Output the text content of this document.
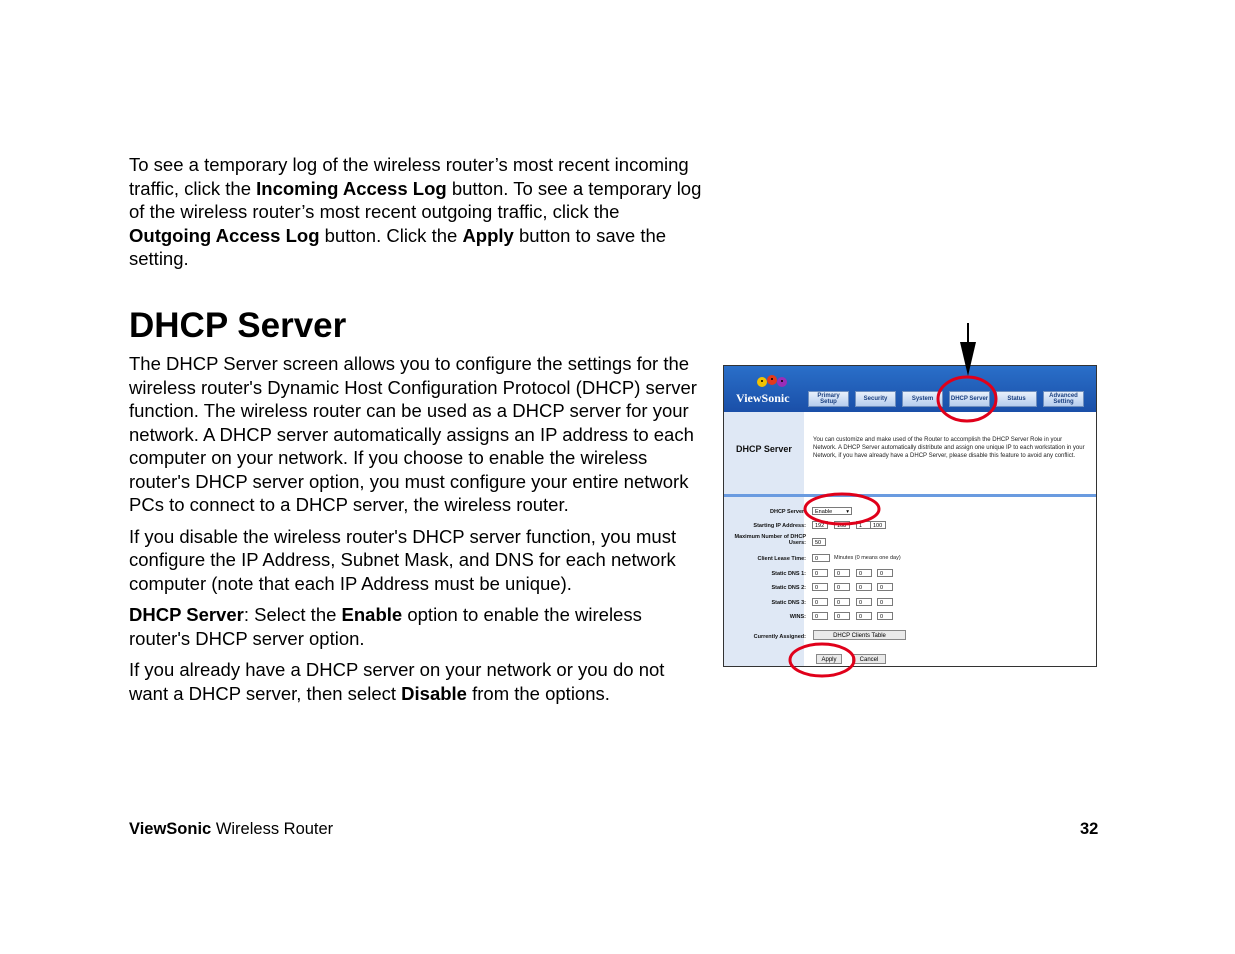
To see a temporary log of the wireless router’s most recent incoming traffic, click the Incoming Access Log button. To see a temporary log of the wireless router’s most recent outgoing traffic, click the Outgoing Access Log button. Click the Apply button to save the setting.

DHCP Server

The DHCP Server screen allows you to configure the settings for the wireless router's Dynamic Host Configuration Protocol (DHCP) server function. The wireless router can be used as a DHCP server for your network. A DHCP server automatically assigns an IP address to each computer on your network. If you choose to enable the wireless router's DHCP server option, you must configure your entire network PCs to connect to a DHCP server, the wireless router.

If you disable the wireless router's DHCP server function, you must configure the IP Address, Subnet Mask, and DNS for each network computer (note that each IP Address must be unique).

DHCP Server: Select the Enable option to enable the wireless router's DHCP server option.

If you already have a DHCP server on your network or you do not want a DHCP server, then select Disable from the options.

ViewSonic	Primary Setup	Security	System	DHCP Server	Status	Advanced Setting
DHCP Server
You can customize and make used of the Router to accomplish the DHCP Server Role in your Network. A DHCP Server automatically distribute and assign one unique IP to each workstation in your Network, if you have already have a DHCP Server, please disable this feature to avoid any conflict.
DHCP Server:	Enable	▾
Starting IP Address:	192	168	1	100
Maximum Number of DHCP Users:	50
Client Lease Time:	0	Minutes (0 means one day)
Static DNS 1:	0	0	0	0
Static DNS 2:	0	0	0	0
Static DNS 3:	0	0	0	0
WINS:	0	0	0	0
Currently Assigned:	DHCP Clients Table
Apply	Cancel
ViewSonic Wireless Router	32
